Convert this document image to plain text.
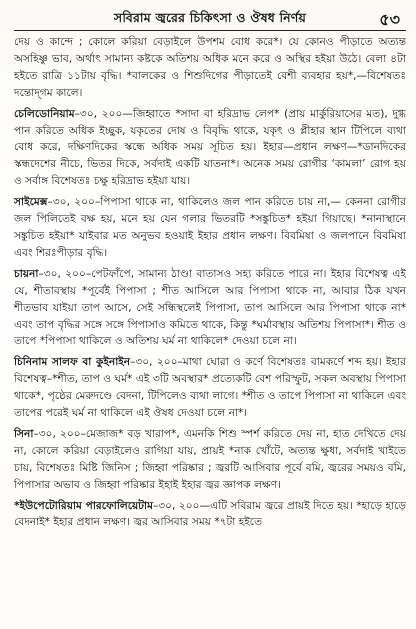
সবিরাম জ্বরের চিকিৎসা ও ঔষধ নির্ণয়	৫৩

দেয় ও কান্দে ; কোলে করিয়া বেড়াইলে উপশম বোধ করে*। যে কোনও পীড়াতে অত্যন্ত অসহিষ্ণু ভাব, অর্থাৎ সামান্য কষ্টকে অতিশয় অধিক মনে করে ও অস্থির হইয়া উঠে। বেলা ৪টা হইতে রাত্রি ১১টায় বৃদ্ধি। *বালকের ও শিশুদিগের পীড়াতেই বেশী ব্যবহার হয়*,—বিশেষতঃ দন্তোদ্‌গম কালে।

চেলিডোনিয়াম–৩০, ২০০—জিহ্বাতে *সাদা বা হরিদ্রাভ লেপ* (প্রায় মার্কুরিয়াসের মত), দুগ্ধ পান করিতে অধিক ইচ্ছুক, যকৃতের দোষ ও বিবৃদ্ধি থাকে, যকৃৎ ও প্লীহার স্থান টিপিলে ব্যথা বোধ করে, দক্ষিণদিকের স্কন্ধে অধিক সময় সূচিত হয়। ইহার—প্রধান লক্ষণ—*ডানদিকের স্কন্ধদেশের নীচে, ভিতর দিকে, সর্বদাই একটি যাতনা*। অনেক সময় রোগীর ‘কামলা’ রোগ হয় ও সর্বাঙ্গ বিশেষতঃ চক্ষু হরিদ্রাভ হইয়া যায়।

সাইমেক্স–৩০, ২০০–পিপাসা থাকে না, থাকিলেও জল পান করিতে চায় না,— কেননা রোগীর জল পিলিতেই বক্ষ হয়, মনে হয় যেন গলার ভিতরটি *সঙ্কুচিত* হইয়া গিয়াছে। *নানাস্থানে সঙ্কুচিত হইয়া* যাইবার মত অনুভব হওয়াই ইহার প্রধান লক্ষণ। বিবমিষা ও জলপানে বিবমিষা এবং শিরঃপীড়ার বৃদ্ধি।

চায়না–৩০, ২০০–পেটফাঁপে, সামান্য ঠাণ্ডা বাতাসও সহ্য করিতে পারে না। ইহার বিশেষত্ব এই যে, শীতাবস্থায় *পূর্বেই পিপাসা ; শীত আসিলে আর পিপাসা থাকে না, আবার ঠিক যখন শীতভাব যাইয়া তাপ আসে, সেই সন্ধিস্থলেই পিপাসা, তাপ আসিলে আর পিপাসা থাকে না* এবং তাপ বৃদ্ধির সঙ্গে সঙ্গে পিপাসাও কমিতে থাকে, কিন্তু *ঘর্মাবস্থায় অতিশয় পিপাসা*। শীত ও তাপে *পিপাসা থাকিলে ও অতিশয় ঘর্ম না থাকিলে* দেওয়া চলে না।

চিনিনাম সালফ বা কুইনাইন–৩০, ২০০–মাথা ঘোরা ও কর্ণে বিশেষতঃ বামকর্ণে শব্দ হয়। ইহার বিশেষত্ব–*শীত, তাপ ও ঘর্ম* এই ৩টি অবস্থার* প্রত্যেকটি বেশ পরিস্ফুট, সকল অবস্থায় পিপাসা থাকে*, পৃষ্ঠের মেরুদণ্ডে বেদনা, টিপিলেও ব্যথা লাগে। *শীত ও তাপে পিপাসা না থাকিলে এবং তাপের পরেই ঘর্ম না থাকিলে এই ঔষধ দেওয়া চলে না*।

সিনা–৩০, ২০০–মেজাজ* বড় খারাপ*, এমনকি শিশু স্পর্শ করিতে দেয় না, হাত দেখিতে দেয় না, কোলে করিয়া বেড়াইলেও রাগিয়া যায়, প্রায়ই *নাক খোঁটে, অত্যন্ত ক্ষুধা, সর্বদাই খাইতে চায়, বিশেষতঃ মিষ্টি জিনিস ; জিহ্বা পরিষ্কার ; জ্বরটি আসিবার পূর্বে বমি, জ্বরের সময়ও বমি, পিপাসার অভাব ও জিহ্বা পরিষ্কার ইহাই ইহার জ্বর জ্ঞাপক লক্ষণ।

*ইউপেটোরিয়াম পারফোলিয়েটাম–৩০, ২০০—এটি সবিরাম জ্বরে প্রায়ই দিতে হয়। *হাড়ে হাড়ে বেদনাই* ইহার প্রধান লক্ষণ। জ্বর আসিবার সময় *৭টা হইতে
